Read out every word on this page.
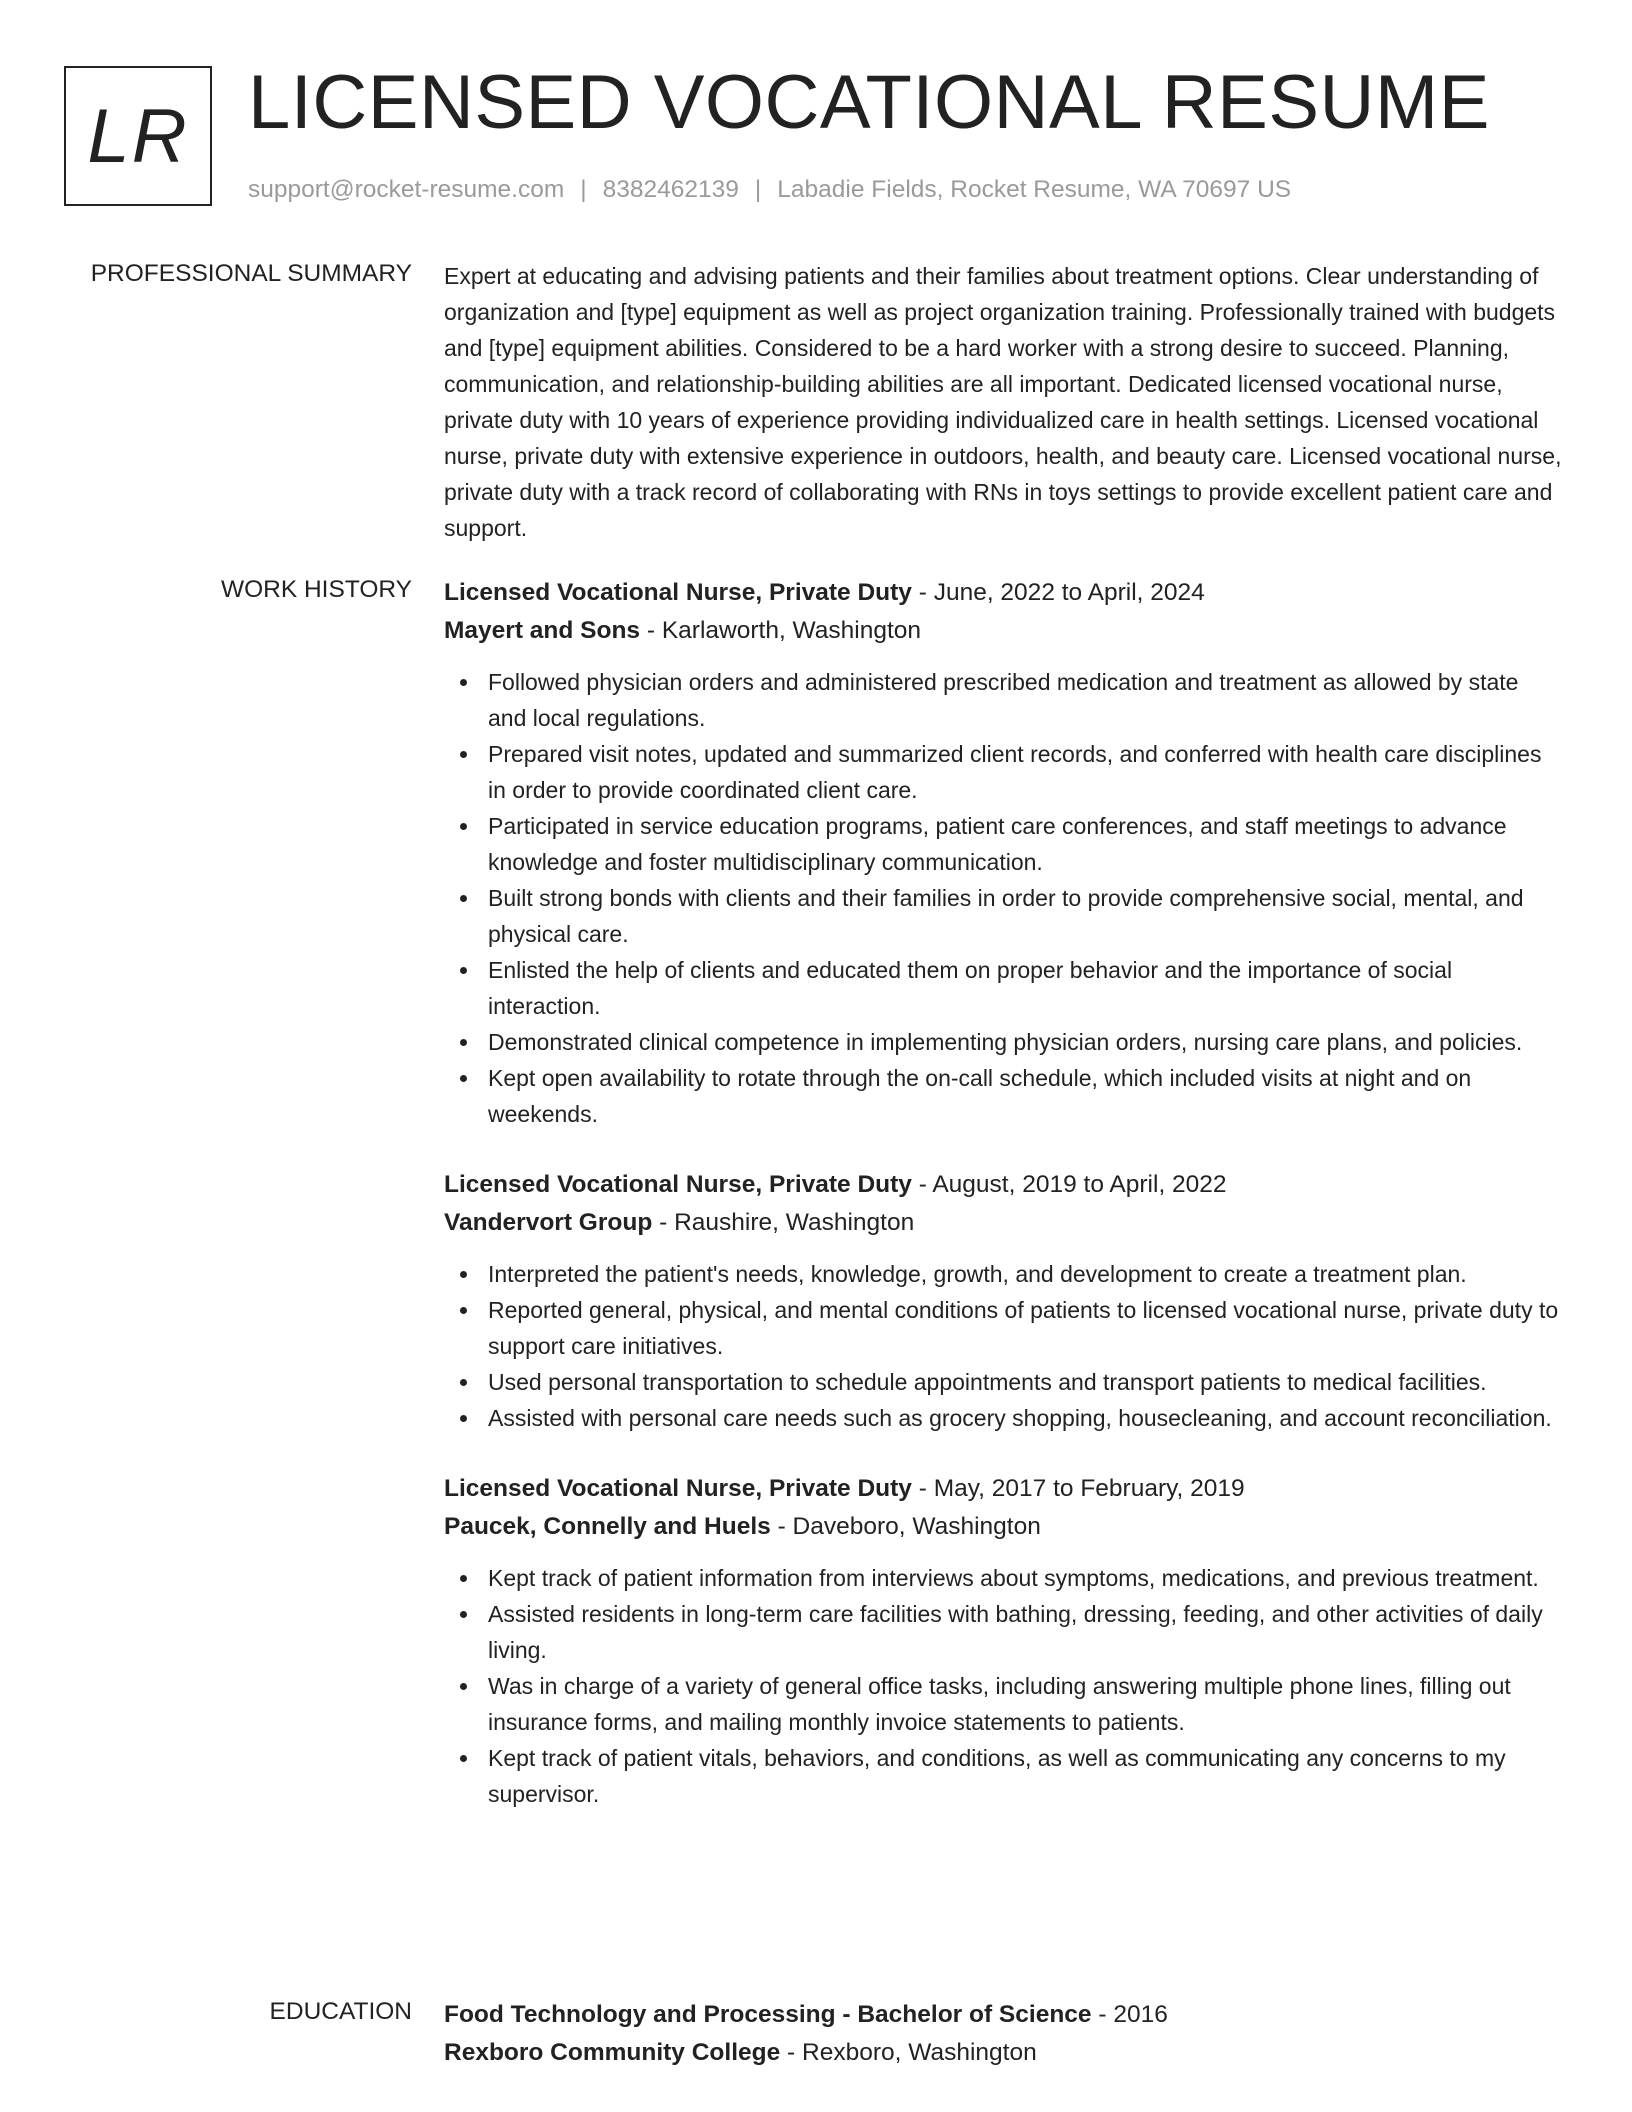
LR LICENSED VOCATIONAL RESUME
support@rocket-resume.com | 8382462139 | Labadie Fields, Rocket Resume, WA 70697 US
PROFESSIONAL SUMMARY Expert at educating and advising patients and their families about treatment options. Clear understanding of organization and [type] equipment as well as project organization training. Professionally trained with budgets and [type] equipment abilities. Considered to be a hard worker with a strong desire to succeed. Planning, communication, and relationship-building abilities are all important. Dedicated licensed vocational nurse, private duty with 10 years of experience providing individualized care in health settings. Licensed vocational nurse, private duty with extensive experience in outdoors, health, and beauty care. Licensed vocational nurse, private duty with a track record of collaborating with RNs in toys settings to provide excellent patient care and support.

WORK HISTORY Licensed Vocational Nurse, Private Duty - June, 2022 to April, 2024

Mayert and Sons - Karlaworth, Washington

Followed physician orders and administered prescribed medication and treatment as allowed by state and local regulations.
Prepared visit notes, updated and summarized client records, and conferred with health care disciplines in order to provide coordinated client care.
Participated in service education programs, patient care conferences, and staff meetings to advance knowledge and foster multidisciplinary communication.
Built strong bonds with clients and their families in order to provide comprehensive social, mental, and physical care.
Enlisted the help of clients and educated them on proper behavior and the importance of social interaction.
Demonstrated clinical competence in implementing physician orders, nursing care plans, and policies.
Kept open availability to rotate through the on-call schedule, which included visits at night and on weekends.

Licensed Vocational Nurse, Private Duty - August, 2019 to April, 2022

Vandervort Group - Raushire, Washington

Interpreted the patient's needs, knowledge, growth, and development to create a treatment plan.
Reported general, physical, and mental conditions of patients to licensed vocational nurse, private duty to support care initiatives.
Used personal transportation to schedule appointments and transport patients to medical facilities.
Assisted with personal care needs such as grocery shopping, housecleaning, and account reconciliation.

Licensed Vocational Nurse, Private Duty - May, 2017 to February, 2019

Paucek, Connelly and Huels - Daveboro, Washington

Kept track of patient information from interviews about symptoms, medications, and previous treatment.
Assisted residents in long-term care facilities with bathing, dressing, feeding, and other activities of daily living.
Was in charge of a variety of general office tasks, including answering multiple phone lines, filling out insurance forms, and mailing monthly invoice statements to patients.
Kept track of patient vitals, behaviors, and conditions, as well as communicating any concerns to my supervisor.
EDUCATION Food Technology and Processing - Bachelor of Science - 2016

Rexboro Community College - Rexboro, Washington
